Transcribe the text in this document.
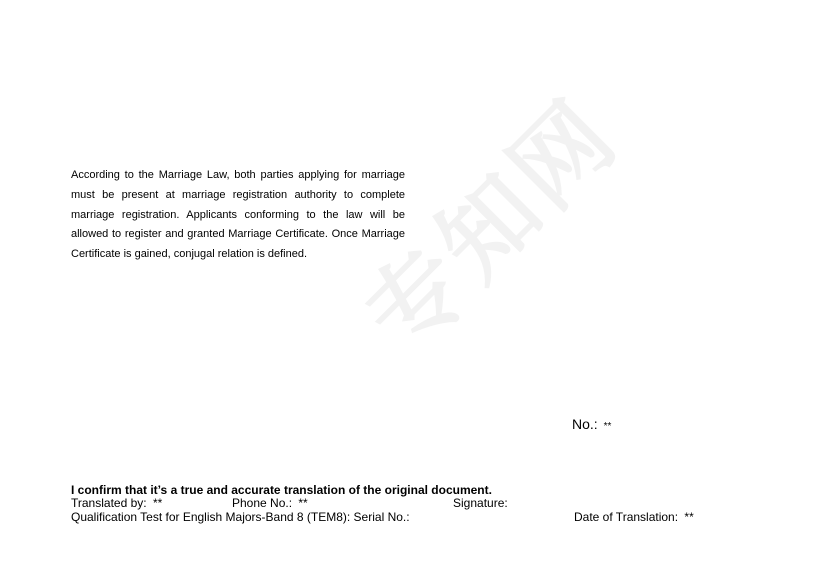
According to the Marriage Law, both parties applying for marriage must be present at marriage registration authority to complete marriage registration. Applicants conforming to the law will be allowed to register and granted Marriage Certificate. Once Marriage Certificate is gained, conjugal relation is defined. 专知网
No.: **
I confirm that it’s a true and accurate translation of the original document.
Translated by: **	Phone No.: **	Signature:
Qualification Test for English Majors-Band 8 (TEM8): Serial No.:	Date of Translation: **
